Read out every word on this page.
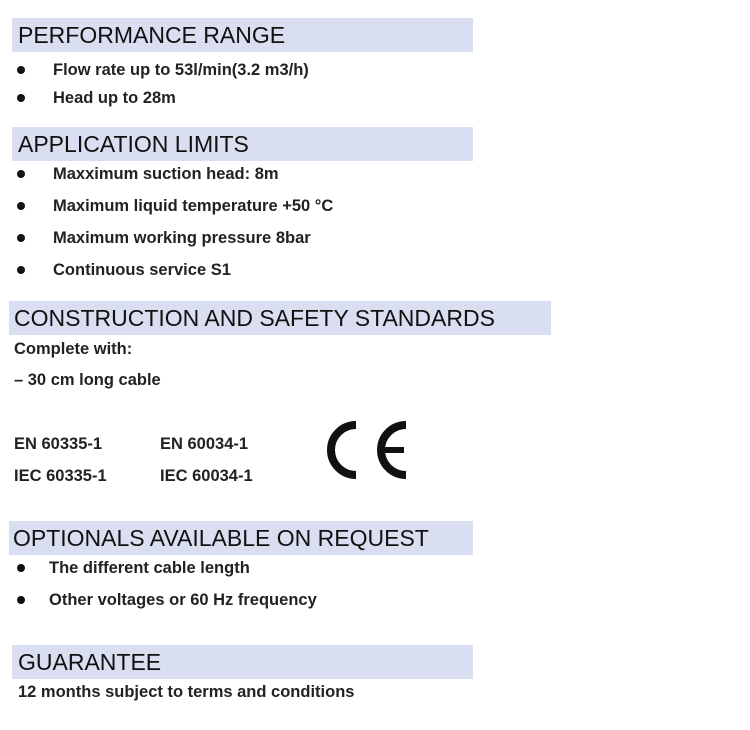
PERFORMANCE RANGE
Flow rate up to 53l/min(3.2 m3/h)
Head up to 28m
APPLICATION LIMITS
Maxximum suction head: 8m
Maximum liquid temperature +50 °C
Maximum working pressure 8bar
Continuous service S1
CONSTRUCTION AND SAFETY STANDARDS
Complete with:
– 30 cm long cable
EN 60335-1	EN 60034-1
IEC 60335-1	IEC 60034-1
OPTIONALS AVAILABLE ON REQUEST
The different cable length
Other voltages or 60 Hz frequency
GUARANTEE
12 months subject to terms and conditions
